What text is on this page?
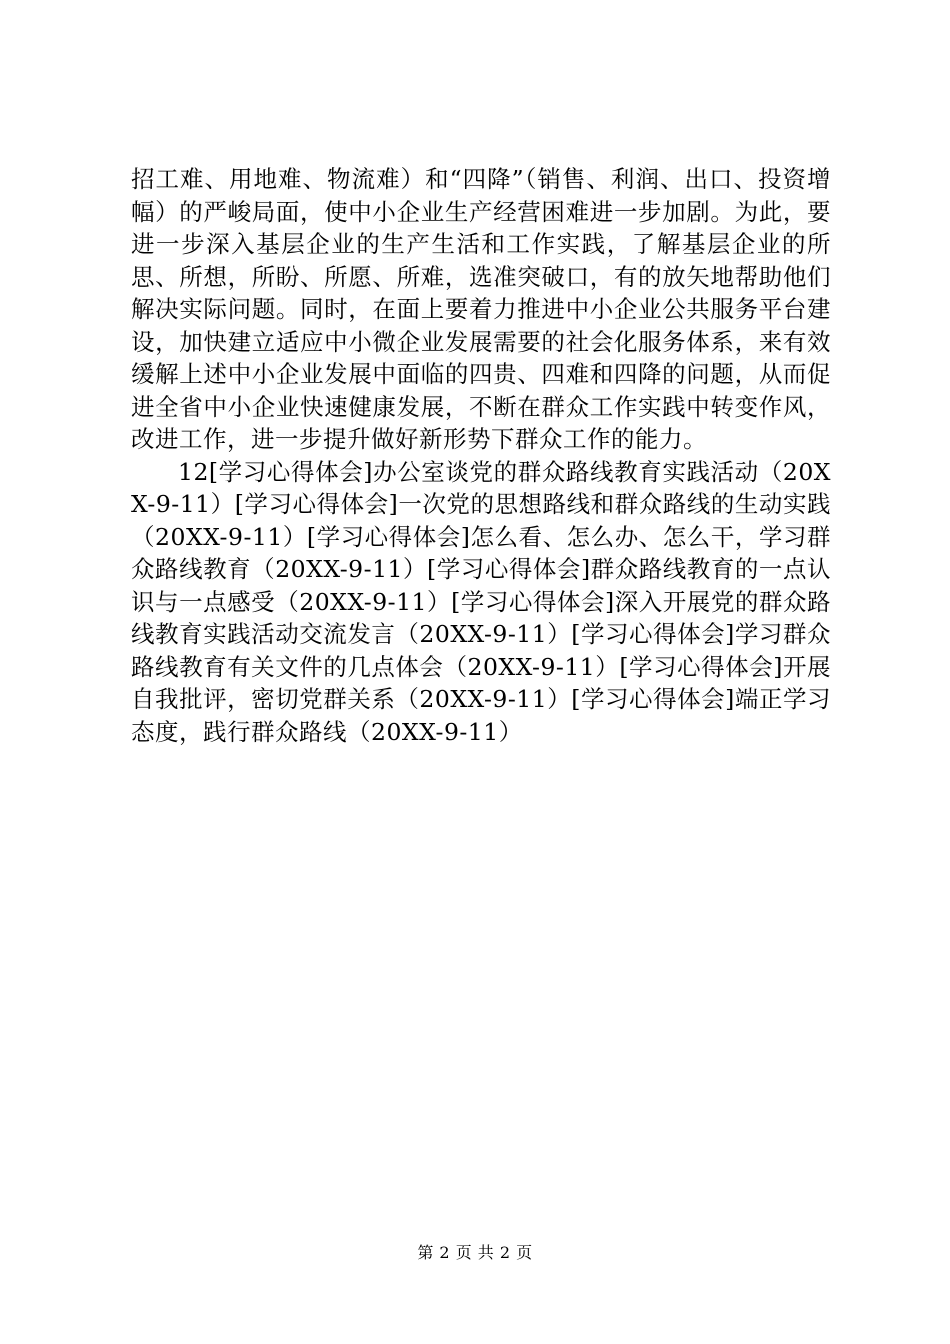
招工难、用地难、物流难）和“四降”（销售、利润、出口、投资增幅）的严峻局面，使中小企业生产经营困难进一步加剧。为此，要进一步深入基层企业的生产生活和工作实践，了解基层企业的所思、所想，所盼、所愿、所难，选准突破口，有的放矢地帮助他们解决实际问题。同时，在面上要着力推进中小企业公共服务平台建设，加快建立适应中小微企业发展需要的社会化服务体系，来有效缓解上述中小企业发展中面临的四贵、四难和四降的问题，从而促进全省中小企业快速健康发展，不断在群众工作实践中转变作风，改进工作，进一步提升做好新形势下群众工作的能力。

12[学习心得体会]办公室谈党的群众路线教育实践活动（20XX-9-11）[学习心得体会]一次党的思想路线和群众路线的生动实践（20XX-9-11）[学习心得体会]怎么看、怎么办、怎么干，学习群众路线教育（20XX-9-11）[学习心得体会]群众路线教育的一点认识与一点感受（20XX-9-11）[学习心得体会]深入开展党的群众路线教育实践活动交流发言（20XX-9-11）[学习心得体会]学习群众路线教育有关文件的几点体会（20XX-9-11）[学习心得体会]开展自我批评，密切党群关系（20XX-9-11）[学习心得体会]端正学习态度，践行群众路线（20XX-9-11）

第 2 页 共 2 页
